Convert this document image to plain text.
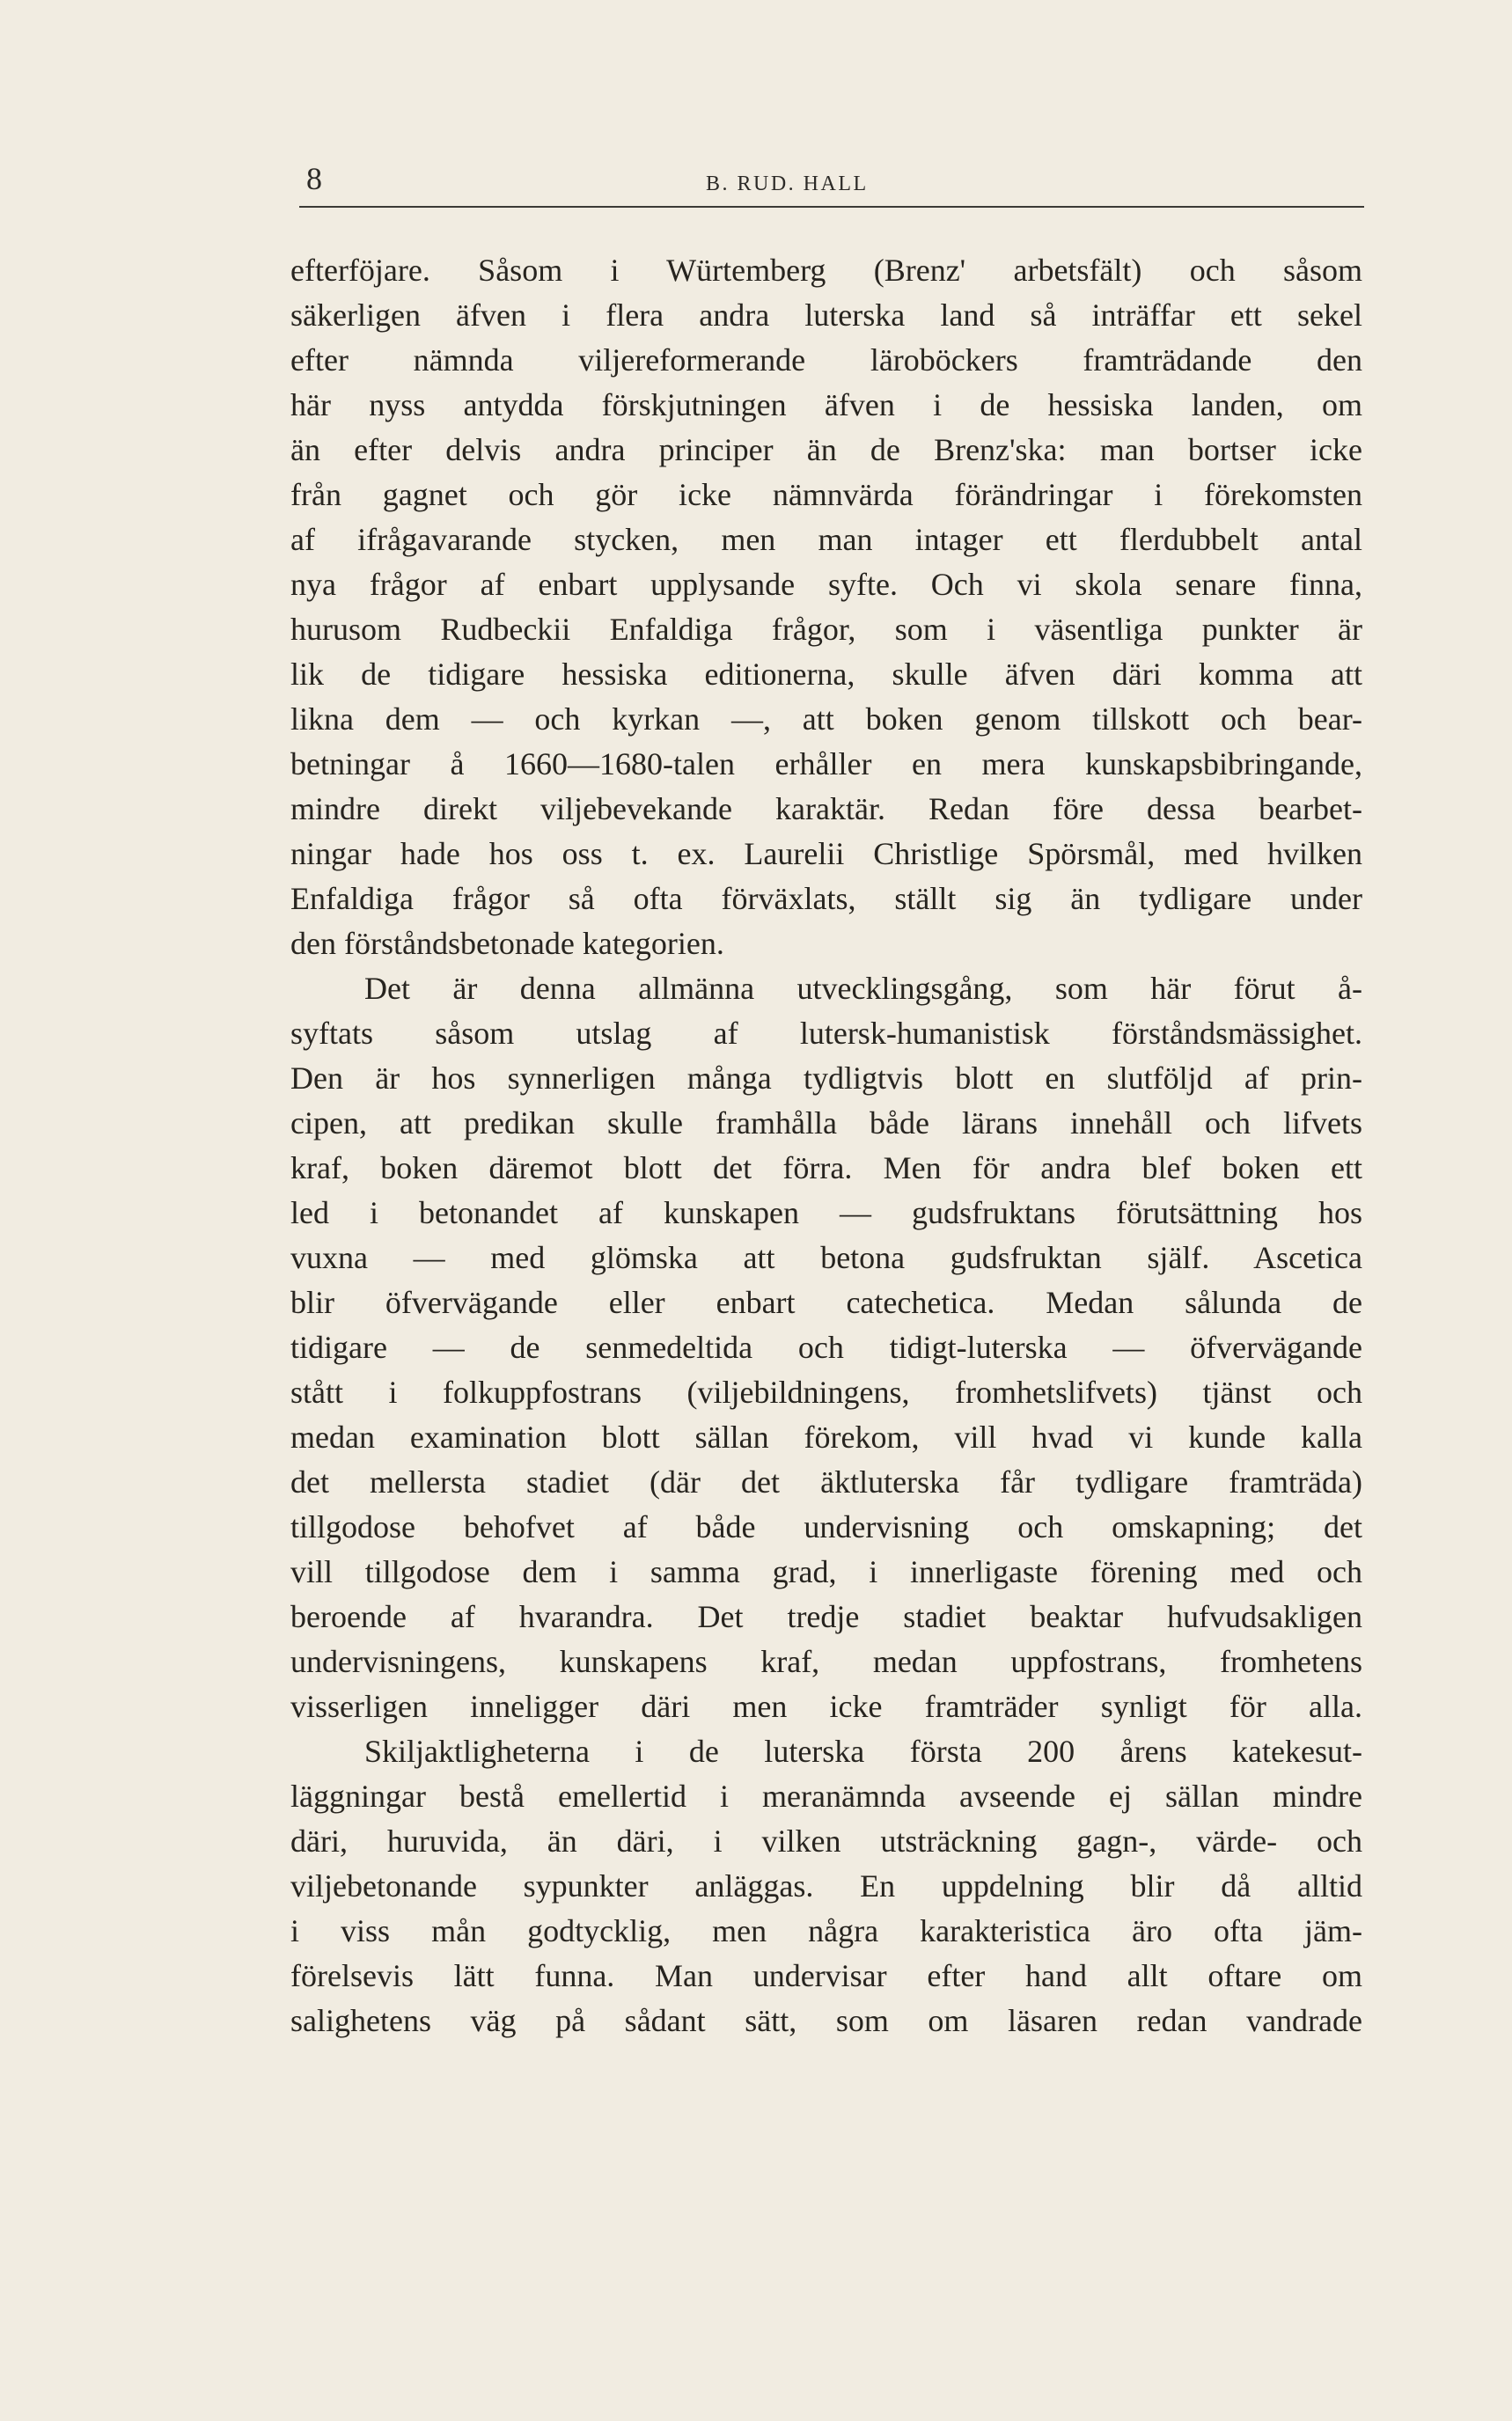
8	B. RUD. HALL
efterföjare. Såsom i Würtemberg (Brenz' arbetsfält) och såsom
säkerligen äfven i flera andra luterska land så inträffar ett sekel
efter nämnda viljereformerande läroböckers framträdande den
här nyss antydda förskjutningen äfven i de hessiska landen, om
än efter delvis andra principer än de Brenz'ska: man bortser icke
från gagnet och gör icke nämnvärda förändringar i förekomsten
af ifrågavarande stycken, men man intager ett flerdubbelt antal
nya frågor af enbart upplysande syfte. Och vi skola senare finna,
hurusom Rudbeckii Enfaldiga frågor, som i väsentliga punkter är
lik de tidigare hessiska editionerna, skulle äfven däri komma att
likna dem — och kyrkan —, att boken genom tillskott och bear-
betningar å 1660—1680-talen erhåller en mera kunskapsbibringande,
mindre direkt viljebevekande karaktär. Redan före dessa bearbet-
ningar hade hos oss t. ex. Laurelii Christlige Spörsmål, med hvilken
Enfaldiga frågor så ofta förväxlats, ställt sig än tydligare under
den förståndsbetonade kategorien.
Det är denna allmänna utvecklingsgång, som här förut å-
syftats såsom utslag af lutersk-humanistisk förståndsmässighet.
Den är hos synnerligen många tydligtvis blott en slutföljd af prin-
cipen, att predikan skulle framhålla både lärans innehåll och lifvets
kraf, boken däremot blott det förra. Men för andra blef boken ett
led i betonandet af kunskapen — gudsfruktans förutsättning hos
vuxna — med glömska att betona gudsfruktan själf. Ascetica
blir öfvervägande eller enbart catechetica. Medan sålunda de
tidigare — de senmedeltida och tidigt-luterska — öfvervägande
stått i folkuppfostrans (viljebildningens, fromhetslifvets) tjänst och
medan examination blott sällan förekom, vill hvad vi kunde kalla
det mellersta stadiet (där det äktluterska får tydligare framträda)
tillgodose behofvet af både undervisning och omskapning; det
vill tillgodose dem i samma grad, i innerligaste förening med och
beroende af hvarandra. Det tredje stadiet beaktar hufvudsakligen
undervisningens, kunskapens kraf, medan uppfostrans, fromhetens
visserligen inneligger däri men icke framträder synligt för alla.
Skiljaktligheterna i de luterska första 200 årens katekesut-
läggningar bestå emellertid i meranämnda avseende ej sällan mindre
däri, huruvida, än däri, i vilken utsträckning gagn-, värde- och
viljebetonande sypunkter anläggas. En uppdelning blir då alltid
i viss mån godtycklig, men några karakteristica äro ofta jäm-
förelsevis lätt funna. Man undervisar efter hand allt oftare om
salighetens väg på sådant sätt, som om läsaren redan vandrade
